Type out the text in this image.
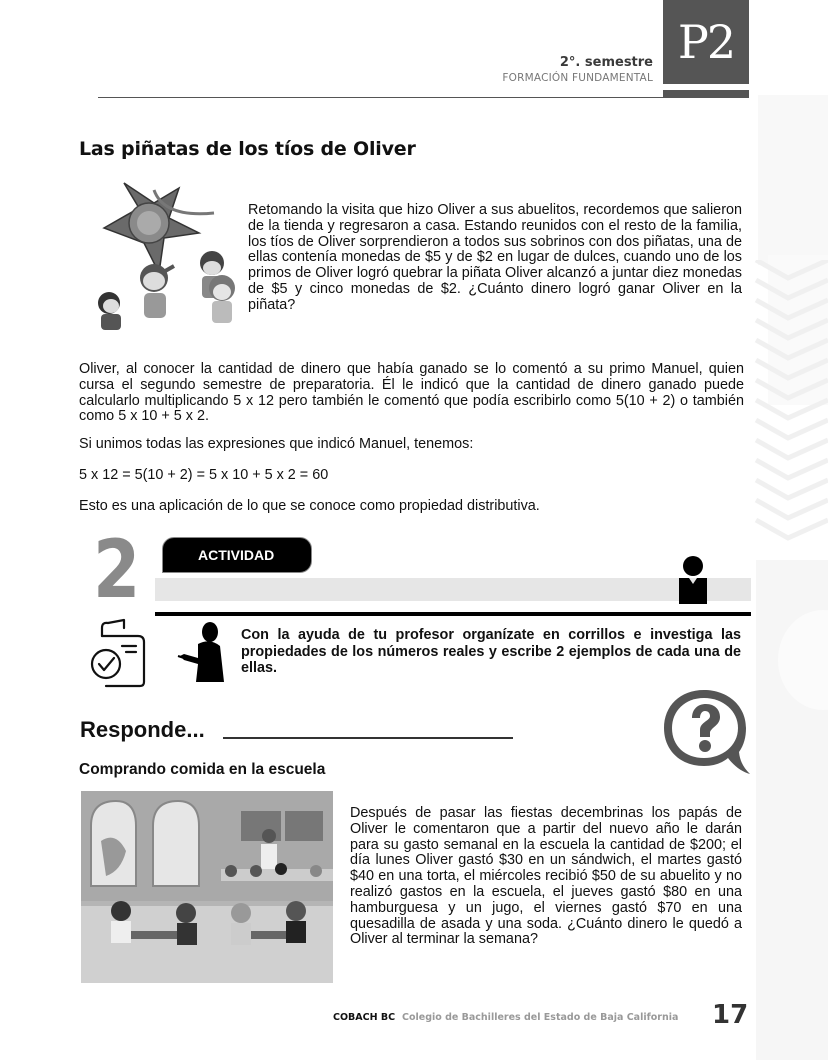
2°. semestre
FORMACIÓN FUNDAMENTAL
P2
Las piñatas de los tíos de Oliver

Retomando la visita que hizo Oliver a sus abuelitos, recordemos que salieron de la tienda y regresaron a casa. Estando reunidos con el resto de la familia, los tíos de Oliver sorprendieron a todos sus sobrinos con dos piñatas, una de ellas contenía monedas de $5 y de $2 en lugar de dulces, cuando uno de los primos de Oliver logró quebrar la piñata Oliver alcanzó a juntar diez monedas de $5 y cinco monedas de $2. ¿Cuánto dinero logró ganar Oliver en la piñata?

Oliver, al conocer la cantidad de dinero que había ganado se lo comentó a su primo Manuel, quien cursa el segundo semestre de preparatoria. Él le indicó que la cantidad de dinero ganado puede calcularlo multiplicando 5 x 12 pero también le comentó que podía escribirlo como 5(10 + 2) o también como 5 x 10 + 5 x 2.

Si unimos todas las expresiones que indicó Manuel, tenemos:

5 x 12 = 5(10 + 2) = 5 x 10 + 5 x 2 = 60

Esto es una aplicación de lo que se conoce como propiedad distributiva.

2	ACTIVIDAD

Con la ayuda de tu profesor organízate en corrillos e investiga las propiedades de los números reales y escribe 2 ejemplos de cada una de ellas.

Responde...
Comprando comida en la escuela

Después de pasar las fiestas decembrinas los papás de Oliver le comentaron que a partir del nuevo año le darán para su gasto semanal en la escuela la cantidad de $200; el día lunes Oliver gastó $30 en un sándwich, el martes gastó $40 en una torta, el miércoles recibió $50 de su abuelito y no realizó gastos en la escuela, el jueves gastó $80 en una hamburguesa y un jugo, el viernes gastó $70 en una quesadilla de asada y una soda. ¿Cuánto dinero le quedó a Oliver al terminar la semana?

COBACH BC Colegio de Bachilleres del Estado de Baja California 17
